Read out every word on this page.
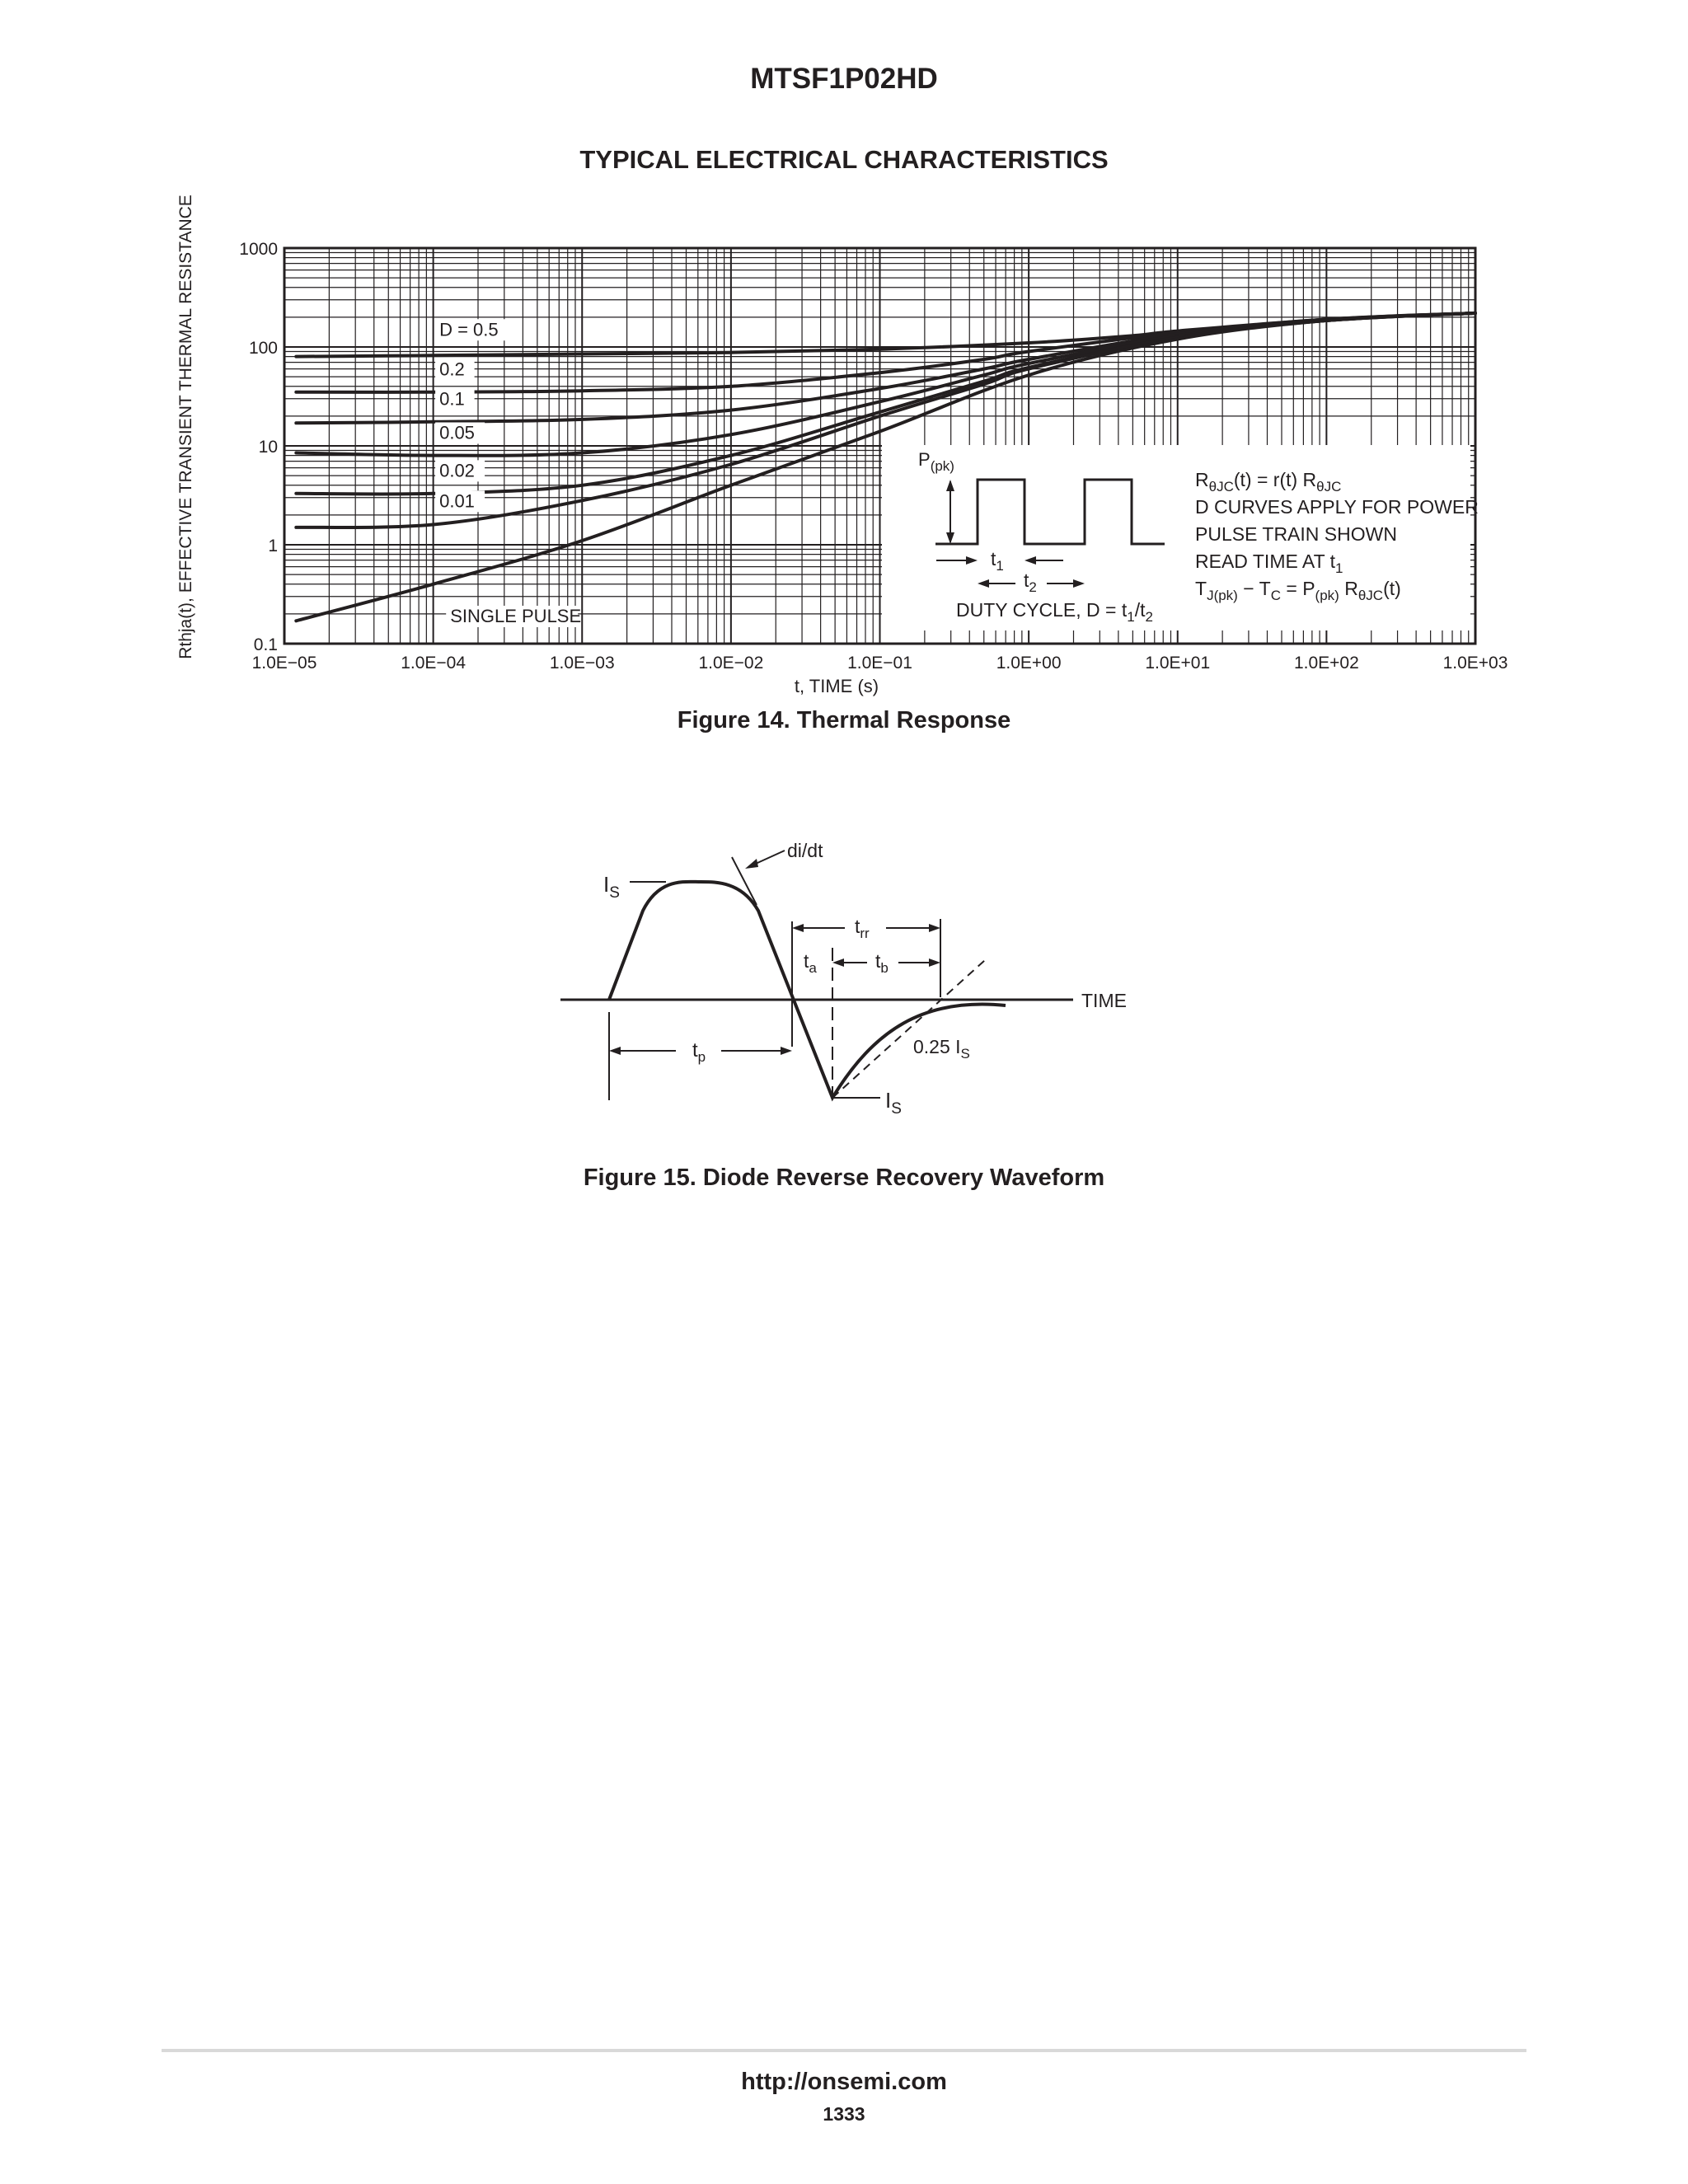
MTSF1P02HD
TYPICAL ELECTRICAL CHARACTERISTICS
1.0E−05	1.0E−04	1.0E−03	1.0E−02	1.0E−01	1.0E+00	1.0E+01	1.0E+02	1.0E+03
0.1
1
10
100
1000
D = 0.5
0.2
0.1
0.05
0.02
0.01
SINGLE PULSE
Rthja(t), EFFECTIVE TRANSIENT THERMAL RESISTANCE
t, TIME (s)
$P_{(pk)}$
$t_1$
$t_2$
DUTY CYCLE, $D = t_1/t_2$
$R_{\theta JC}(t) = r(t)$ $R_{\theta JC}$
D CURVES APPLY FOR POWER
PULSE TRAIN SHOWN
READ TIME AT $t_1$
$T_{J(pk)} - T_C = P_{(pk)}$ $R_{\theta JC}(t)$
Figure 14. Thermal Response
TIME
$I_S$
di/dt
$t_{rr}$
$t_a$	$t_b$
$t_p$	0.25 $I_S$
$I_S$
Figure 15. Diode Reverse Recovery Waveform
http://onsemi.com
1333
